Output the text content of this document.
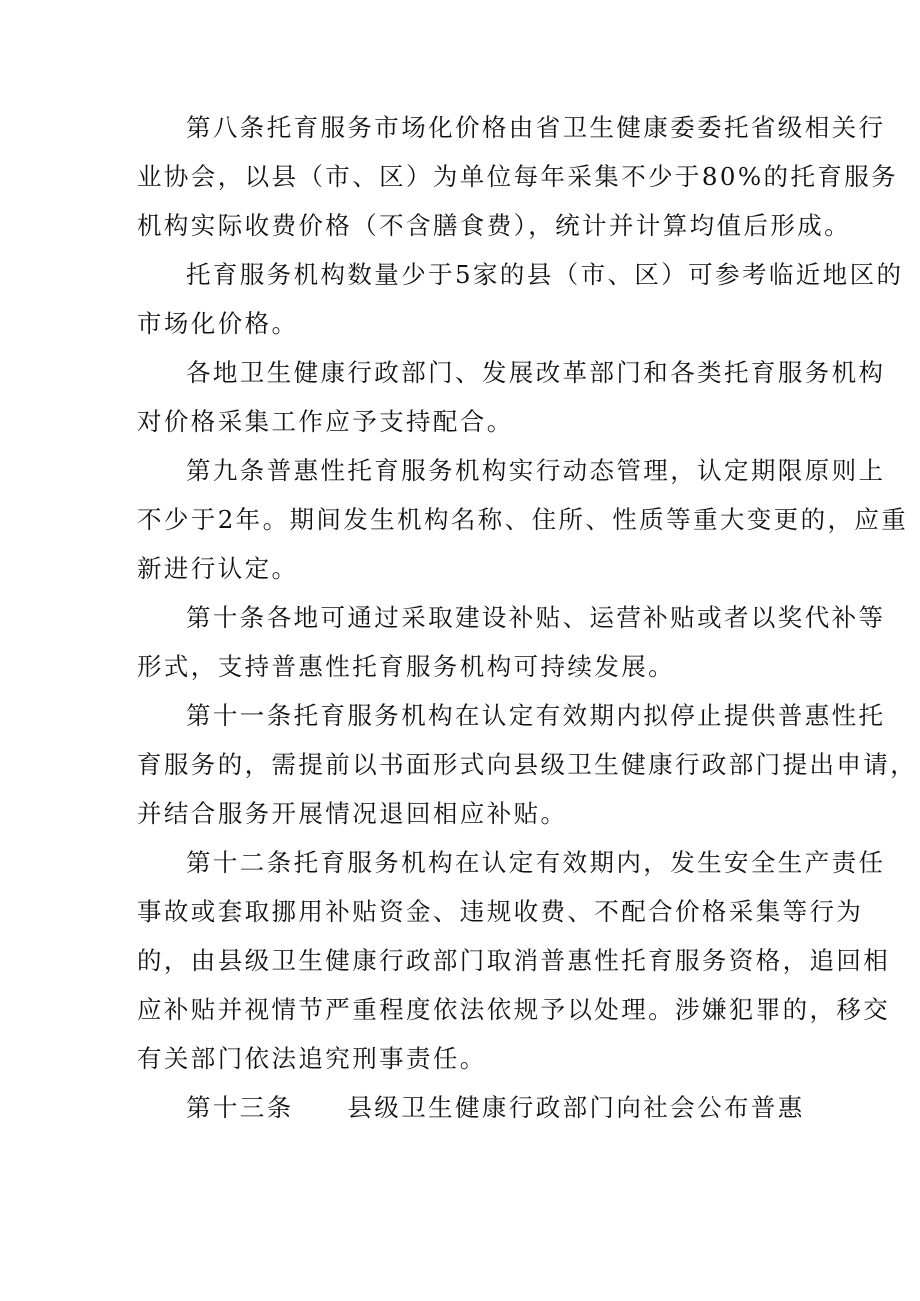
第八条托育服务市场化价格由省卫生健康委委托省级相关行
业协会，以县（市、区）为单位每年采集不少于80%的托育服务
机构实际收费价格（不含膳食费），统计并计算均值后形成。
托育服务机构数量少于5家的县（市、区）可参考临近地区的
市场化价格。
各地卫生健康行政部门、发展改革部门和各类托育服务机构
对价格采集工作应予支持配合。
第九条普惠性托育服务机构实行动态管理，认定期限原则上
不少于2年。期间发生机构名称、住所、性质等重大变更的，应重
新进行认定。
第十条各地可通过采取建设补贴、运营补贴或者以奖代补等
形式，支持普惠性托育服务机构可持续发展。
第十一条托育服务机构在认定有效期内拟停止提供普惠性托
育服务的，需提前以书面形式向县级卫生健康行政部门提出申请，
并结合服务开展情况退回相应补贴。
第十二条托育服务机构在认定有效期内，发生安全生产责任
事故或套取挪用补贴资金、违规收费、不配合价格采集等行为
的，由县级卫生健康行政部门取消普惠性托育服务资格，追回相
应补贴并视情节严重程度依法依规予以处理。涉嫌犯罪的，移交
有关部门依法追究刑事责任。
第十三条　　县级卫生健康行政部门向社会公布普惠
